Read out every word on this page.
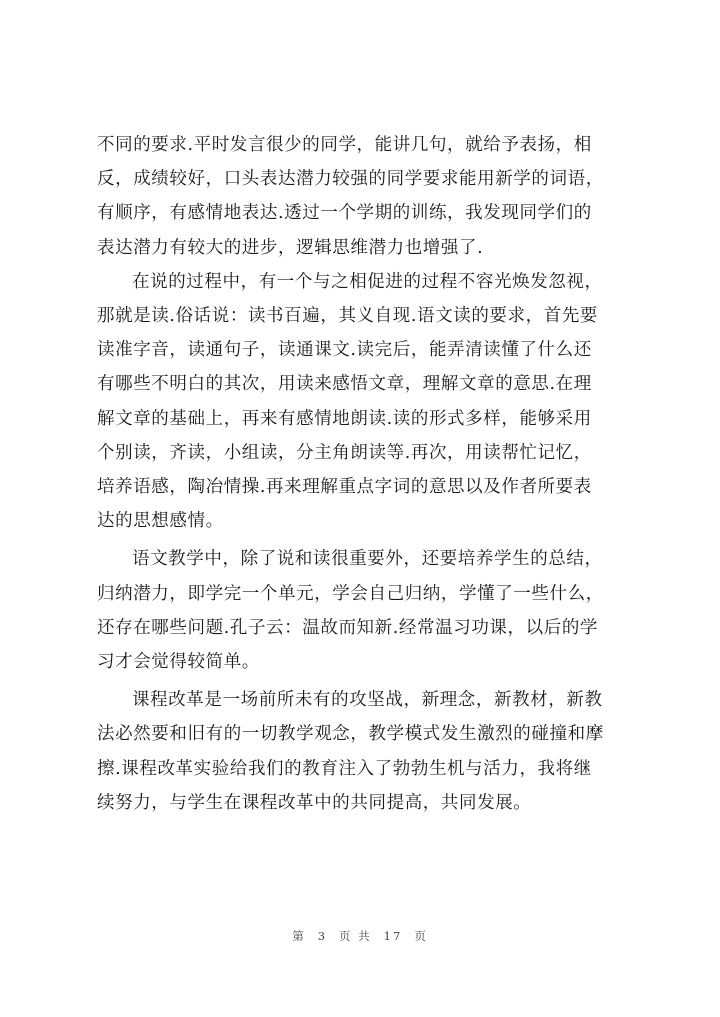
不同的要求.平时发言很少的同学，能讲几句，就给予表扬，相
反，成绩较好，口头表达潜力较强的同学要求能用新学的词语，
有顺序，有感情地表达.透过一个学期的训练，我发现同学们的
表达潜力有较大的进步，逻辑思维潜力也增强了.

在说的过程中，有一个与之相促进的过程不容光焕发忽视，
那就是读.俗话说：读书百遍，其义自现.语文读的要求，首先要
读准字音，读通句子，读通课文.读完后，能弄清读懂了什么还
有哪些不明白的其次，用读来感悟文章，理解文章的意思.在理
解文章的基础上，再来有感情地朗读.读的形式多样，能够采用
个别读，齐读，小组读，分主角朗读等.再次，用读帮忙记忆，
培养语感，陶冶情操.再来理解重点字词的意思以及作者所要表
达的思想感情。

语文教学中，除了说和读很重要外，还要培养学生的总结，
归纳潜力，即学完一个单元，学会自己归纳，学懂了一些什么，
还存在哪些问题.孔子云：温故而知新.经常温习功课，以后的学
习才会觉得较简单。

课程改革是一场前所未有的攻坚战，新理念，新教材，新教
法必然要和旧有的一切教学观念，教学模式发生激烈的碰撞和摩
擦.课程改革实验给我们的教育注入了勃勃生机与活力，我将继
续努力，与学生在课程改革中的共同提高，共同发展。

第 3 页 共 17 页
